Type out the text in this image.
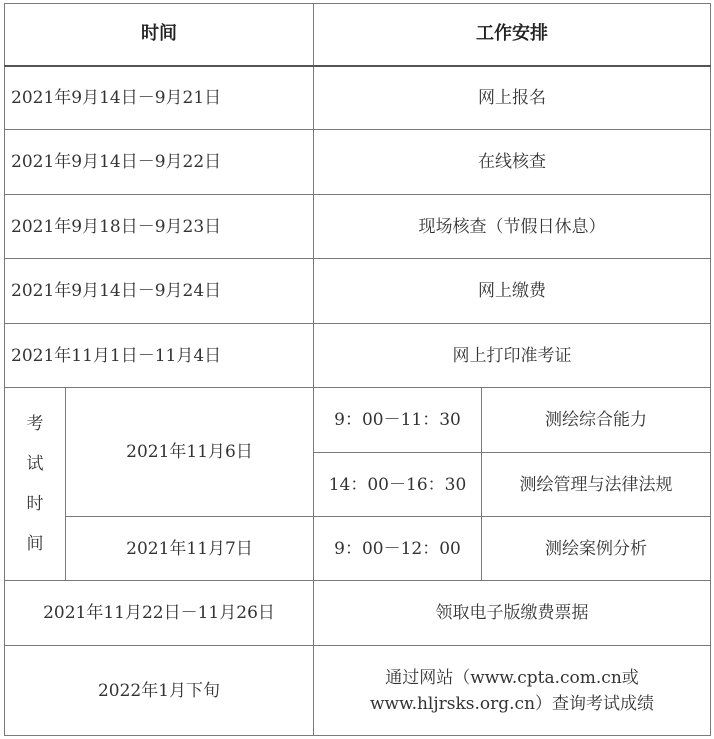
时间		工作安排	
2021年9月14日－9月21日		网上报名	
2021年9月14日－9月22日		在线核查	
2021年9月18日－9月23日		现场核查（节假日休息）	
2021年9月14日－9月24日		网上缴费	
2021年11月1日－11月4日		网上打印准考证	

考试时间	2021年11月6日	9：00－11：30	测绘综合能力
		14：00－16：30	测绘管理与法律法规
	2021年11月7日	9：00－12：00	测绘案例分析
2021年11月22日－11月26日		领取电子版缴费票据	
2022年1月下旬		通过网站（www.cpta.com.cn或
www.hljrsks.org.cn）查询考试成绩	
